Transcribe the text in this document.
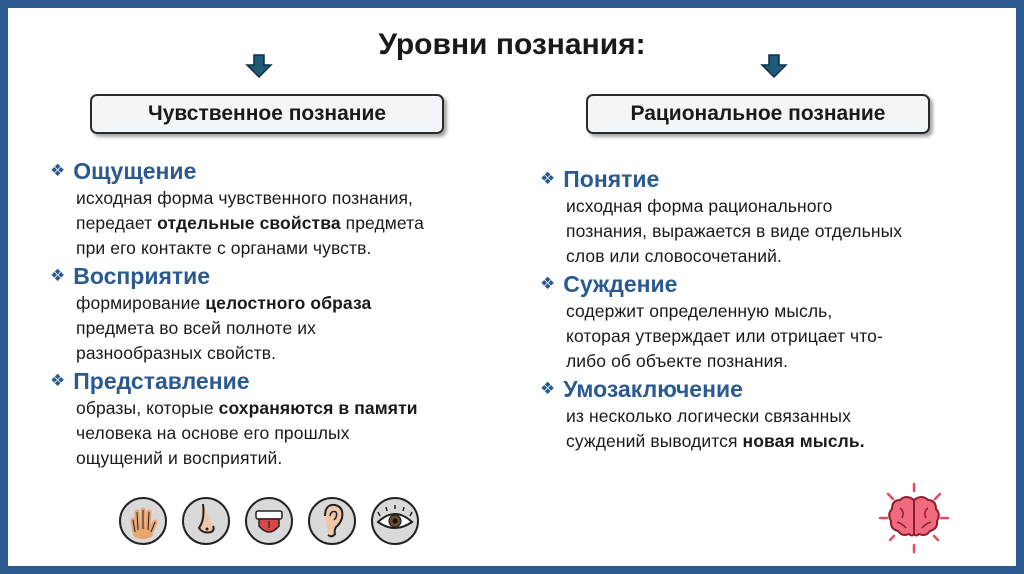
Уровни познания:
Чувственное познание	Рациональное познание
❖ Ощущение
исходная форма чувственного познания,
передает отдельные свойства предмета
при его контакте с органами чувств.
❖ Восприятие
формирование целостного образа
предмета во всей полноте их
разнообразных свойств.
❖ Представление
образы, которые сохраняются в памяти
человека на основе его прошлых
ощущений и восприятий.
❖ Понятие
исходная форма рационального
познания, выражается в виде отдельных
слов или словосочетаний.
❖ Суждение
содержит определенную мысль,
которая утверждает или отрицает что-
либо об объекте познания.
❖ Умозаключение
из несколько логически связанных
суждений выводится новая мысль.
